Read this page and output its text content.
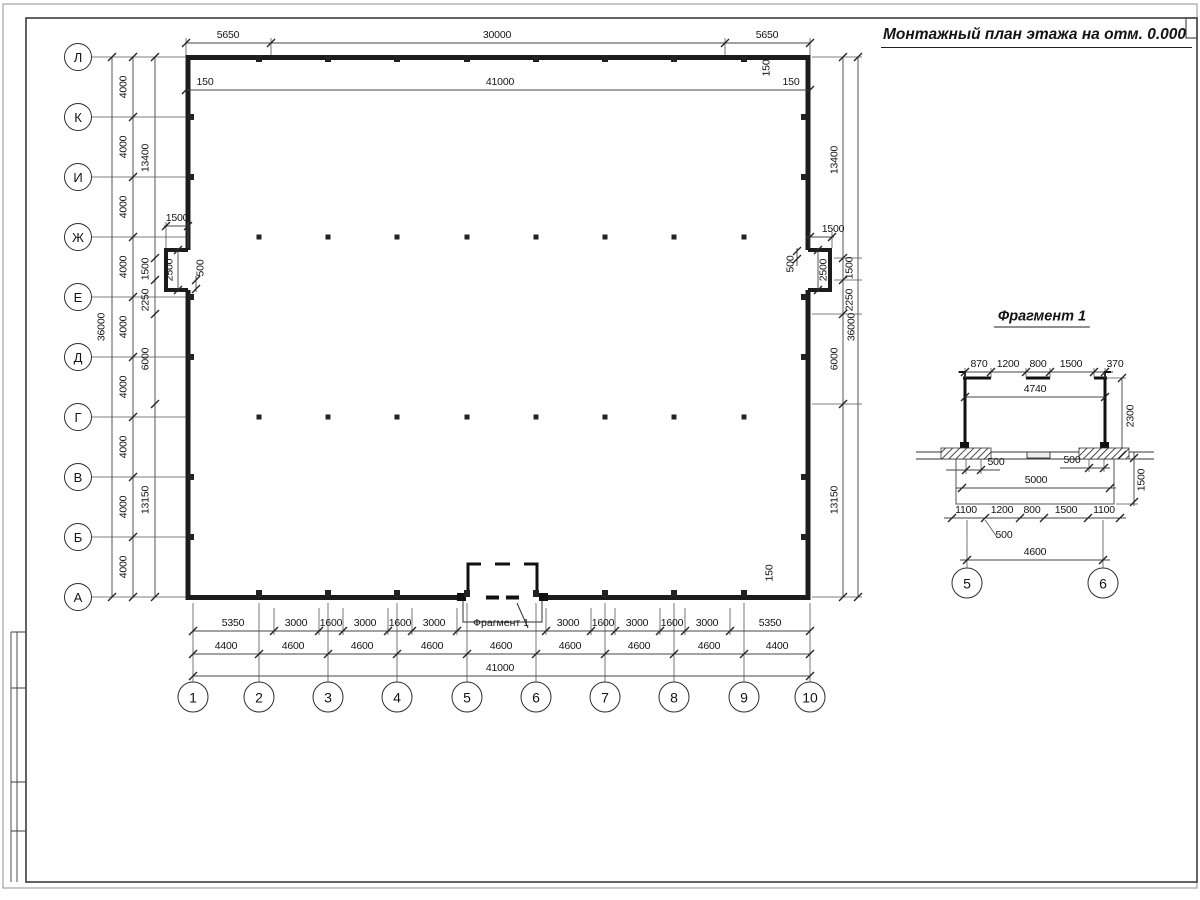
Монтажный план этажа на отм. 0.000
Фрагмент 1
Фрагмент 1
5650	30000	5650
150	41000	150
150
36000
4000
4000
4000
4000
4000
4000
4000
4000
4000
13400
1500
2250
6000
13150
1500
2500 500
1500
2500
500
150
13400
1500
2250
6000
13150
36000
5350	3000 1600 3000 1600 3000	3000 1600 3000 1600 3000	5350
4400	4600	4600	4600	4600	4600	4600	4600	4400
41000
870 1200 800 1500 370
4740
2300
500	500
5000	1500
1100 1200 800 1500 1100
500
4600
Л
К
И
Ж
Е
Д
Г
В
Б
А
1	2	3	4	5	6	7	8	9	10
5	6
